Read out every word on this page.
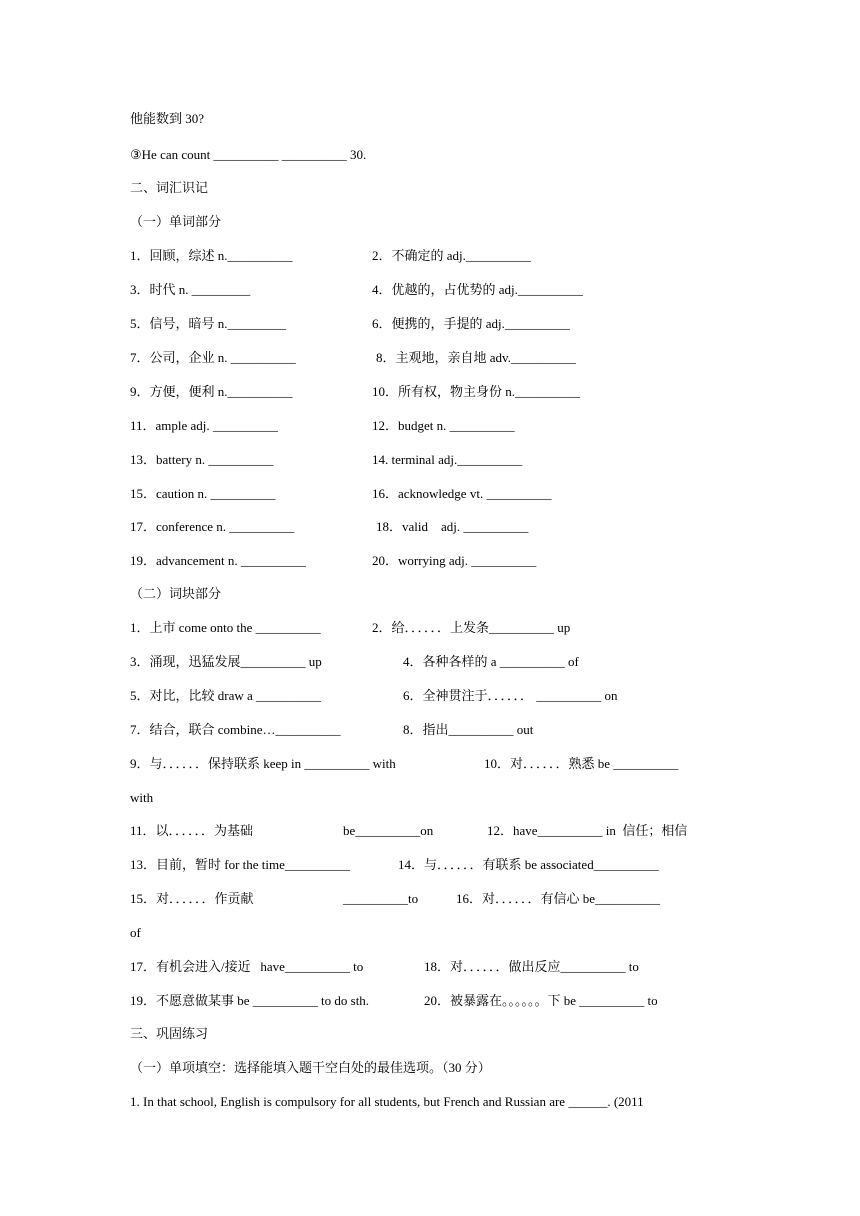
他能数到 30?
③He can count __________ __________ 30.
二、词汇识记
（一）单词部分
1．回顾，综述 n.__________	2．不确定的 adj.__________
3．时代 n. _________	4．优越的，占优势的 adj.__________
5．信号，暗号 n._________	6．便携的，手提的 adj.__________
7．公司，企业 n. __________	8．主观地，亲自地 adv.__________
9．方便，便利 n.__________	10．所有权，物主身份 n.__________
11．ample adj. __________	12．budget n. __________
13．battery n. __________	14. terminal adj.__________
15．caution n. __________	16．acknowledge vt. __________
17．conference n. __________	18．valid    adj. __________
19．advancement n. __________	20．worrying adj. __________
（二）词块部分
1．上市 come onto the __________	2．给．．．．．．上发条__________ up
3．涌现，迅猛发展__________ up	4．各种各样的 a __________ of
5．对比，比较 draw a __________	6．全神贯注于．．．．．． __________ on
7．结合，联合 combine…__________	8．指出__________ out
9．与．．．．．．保持联系 keep in __________ with	10．对．．．．．．熟悉 be __________
with
11．以．．．．．．为基础	be__________on	12．have__________ in  信任；相信
13．目前，暂时 for the time__________	14．与．．．．．．有联系 be associated__________
15．对．．．．．．作贡献	__________to	16．对．．．．．．有信心 be__________
of
17．有机会进入/接近   have__________ to	18．对．．．．．．做出反应__________ to
19．不愿意做某事 be __________ to do sth.	20．被暴露在。。。。。。下 be __________ to
三、巩固练习
（一）单项填空：选择能填入题干空白处的最佳选项。（30 分）
1. In that school, English is compulsory for all students, but French and Russian are ______. (2011
